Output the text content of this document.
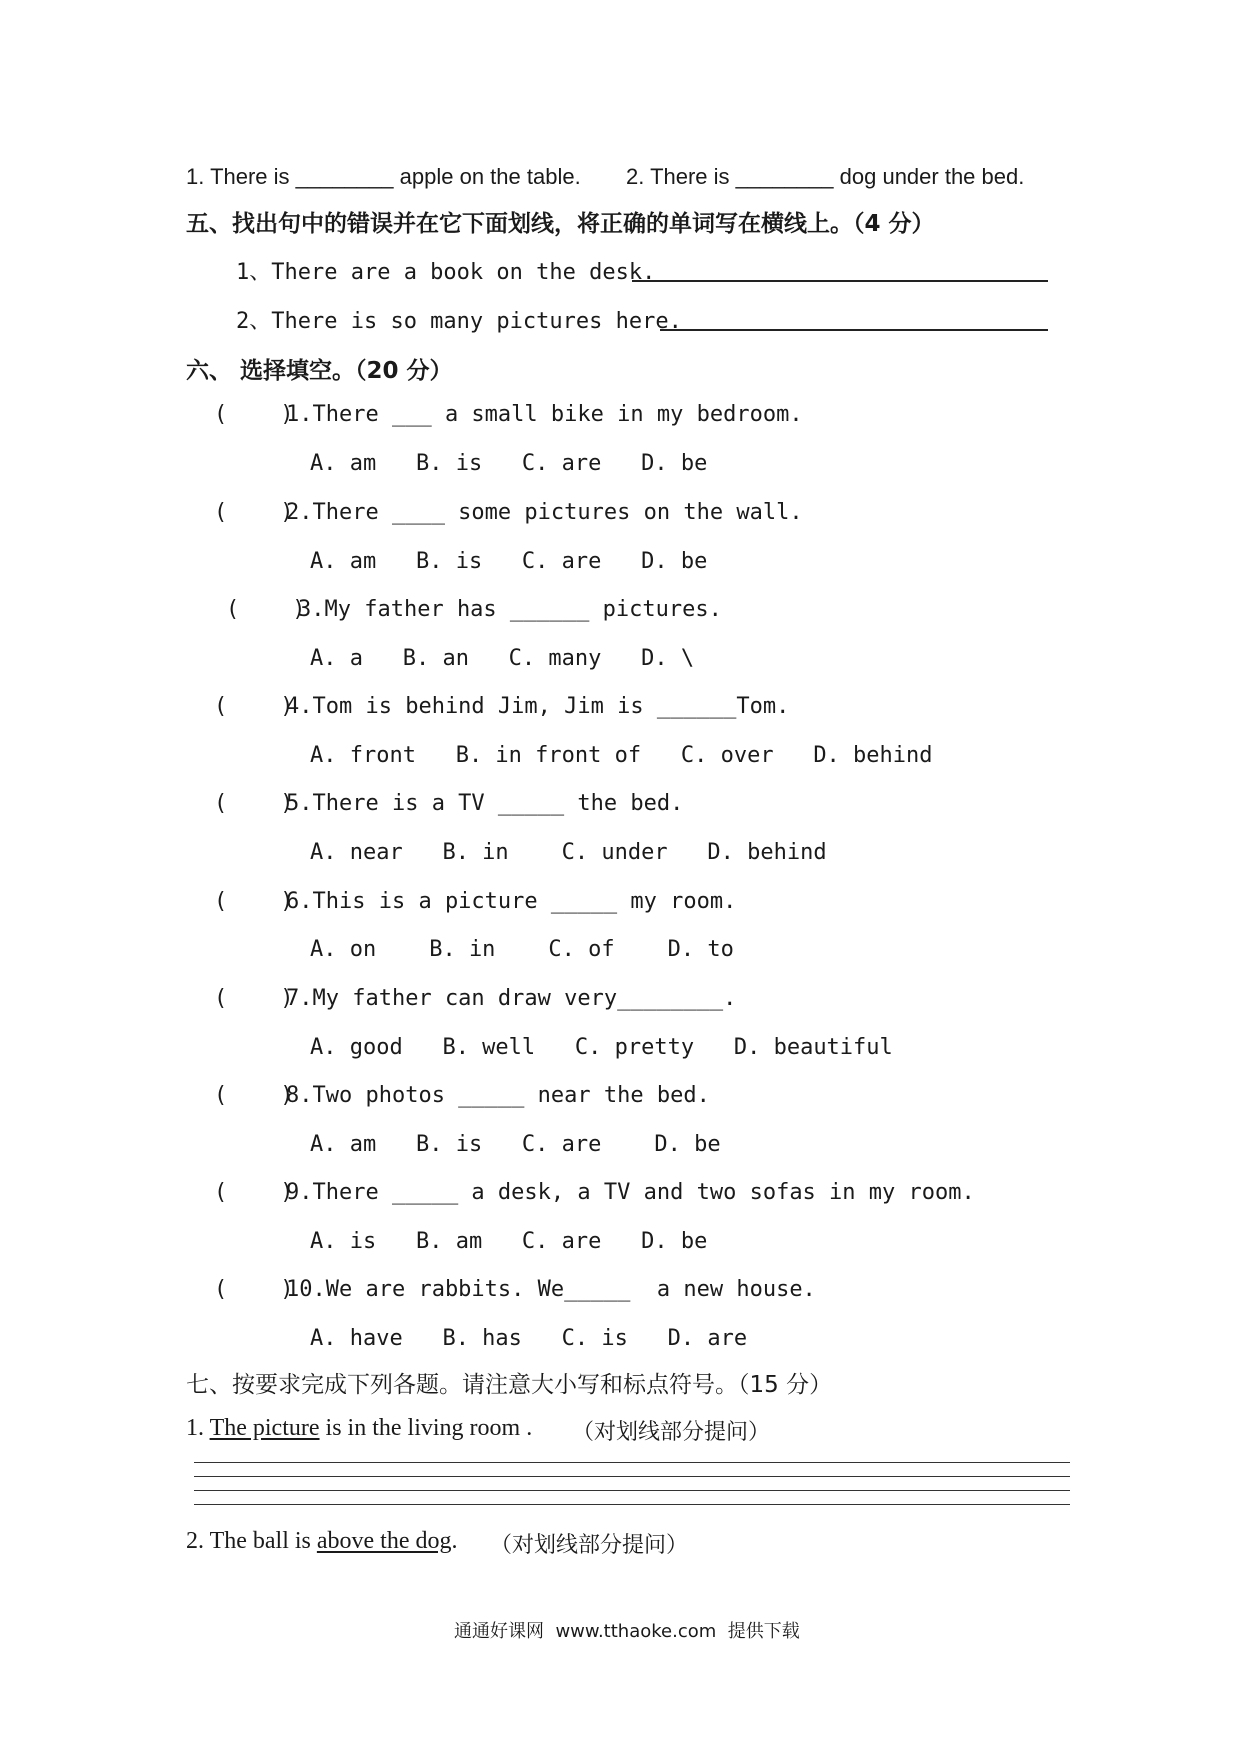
1. There is ________ apple on the table. 2. There is ________ dog under the bed.
五、找出句中的错误并在它下面划线，将正确的单词写在横线上。（4 分）
1、There are a book on the desk.
2、There is so many pictures here.
六、 选择填空。（20 分）
(    )
1.There ___ a small bike in my bedroom.
A. am   B. is   C. are   D. be
(    )
2.There ____ some pictures on the wall.
A. am   B. is   C. are   D. be
(    )
3.My father has ______ pictures.
A. a   B. an   C. many   D. \
(    )
4.Tom is behind Jim, Jim is ______Tom.
A. front   B. in front of   C. over   D. behind
(    )
5.There is a TV _____ the bed.
A. near   B. in    C. under   D. behind
(    )
6.This is a picture _____ my room.
A. on    B. in    C. of    D. to
(    )
7.My father can draw very________.
A. good   B. well   C. pretty   D. beautiful
(    )
8.Two photos _____ near the bed.
A. am   B. is   C. are    D. be
(    )
9.There _____ a desk, a TV and two sofas in my room.
A. is   B. am   C. are   D. be
(    )
10.We are rabbits. We_____  a new house.
A. have   B. has   C. is   D. are
七、按要求完成下列各题。请注意大小写和标点符号。（15 分）
1. The picture is in the living room . （对划线部分提问）
2. The ball is above the dog. （对划线部分提问）
通通好课网  www.tthaoke.com  提供下载
